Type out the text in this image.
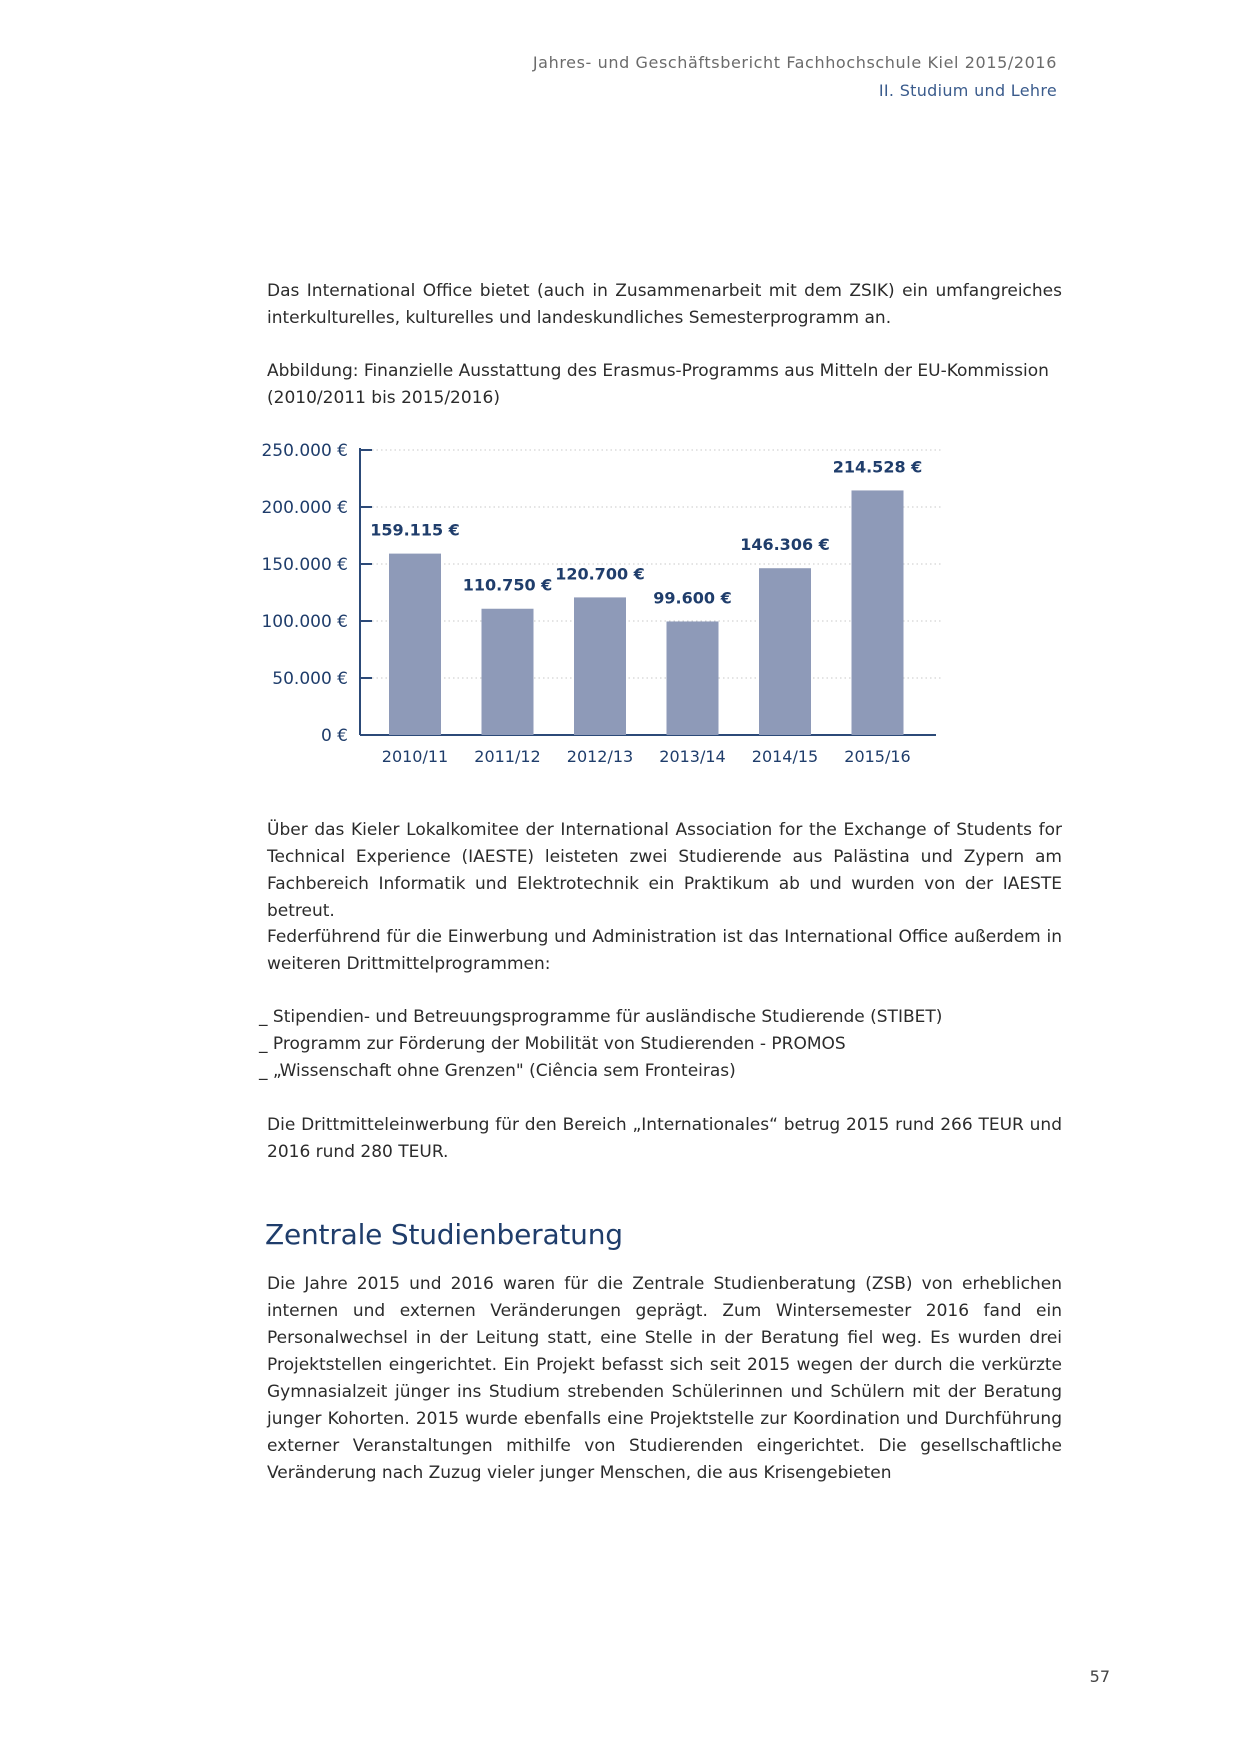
Jahres- und Geschäftsbericht Fachhochschule Kiel 2015/2016
II. Studium und Lehre

Das International Office bietet (auch in Zusammenarbeit mit dem ZSIK) ein umfangreiches interkulturelles, kulturelles und landeskundliches Semesterprogramm an.

Abbildung: Finanzielle Ausstattung des Erasmus-Programms aus Mitteln der EU-Kommission (2010/2011 bis 2015/2016)

0 €
50.000 €
100.000 €
150.000 €
200.000 €
250.000 €
159.115 €
2010/11
110.750 €
2011/12
120.700 €
2012/13
99.600 €
2013/14
146.306 €
2014/15
214.528 €
2015/16

Über das Kieler Lokalkomitee der International Association for the Exchange of Students for Technical Experience (IAESTE) leisteten zwei Studierende aus Palästina und Zypern am Fachbereich Informatik und Elektrotechnik ein Praktikum ab und wurden von der IAESTE betreut.

Federführend für die Einwerbung und Administration ist das International Office außerdem in weiteren Drittmittelprogrammen:

_ Stipendien- und Betreuungsprogramme für ausländische Studierende (STIBET)
_ Programm zur Förderung der Mobilität von Studierenden - PROMOS
_ „Wissenschaft ohne Grenzen" (Ciência sem Fronteiras)

Die Drittmitteleinwerbung für den Bereich „Internationales“ betrug 2015 rund 266 TEUR und 2016 rund 280 TEUR.

Zentrale Studienberatung

Die Jahre 2015 und 2016 waren für die Zentrale Studienberatung (ZSB) von erheblichen internen und externen Veränderungen geprägt. Zum Wintersemester 2016 fand ein Personalwechsel in der Leitung statt, eine Stelle in der Beratung fiel weg. Es wurden drei Projektstellen eingerichtet. Ein Projekt befasst sich seit 2015 wegen der durch die verkürzte Gymnasialzeit jünger ins Studium strebenden Schülerinnen und Schülern mit der Beratung junger Kohorten. 2015 wurde ebenfalls eine Projektstelle zur Koordination und Durchführung externer Veranstaltungen mithilfe von Studierenden eingerichtet. Die gesellschaftliche Veränderung nach Zuzug vieler junger Menschen, die aus Krisengebieten

57
